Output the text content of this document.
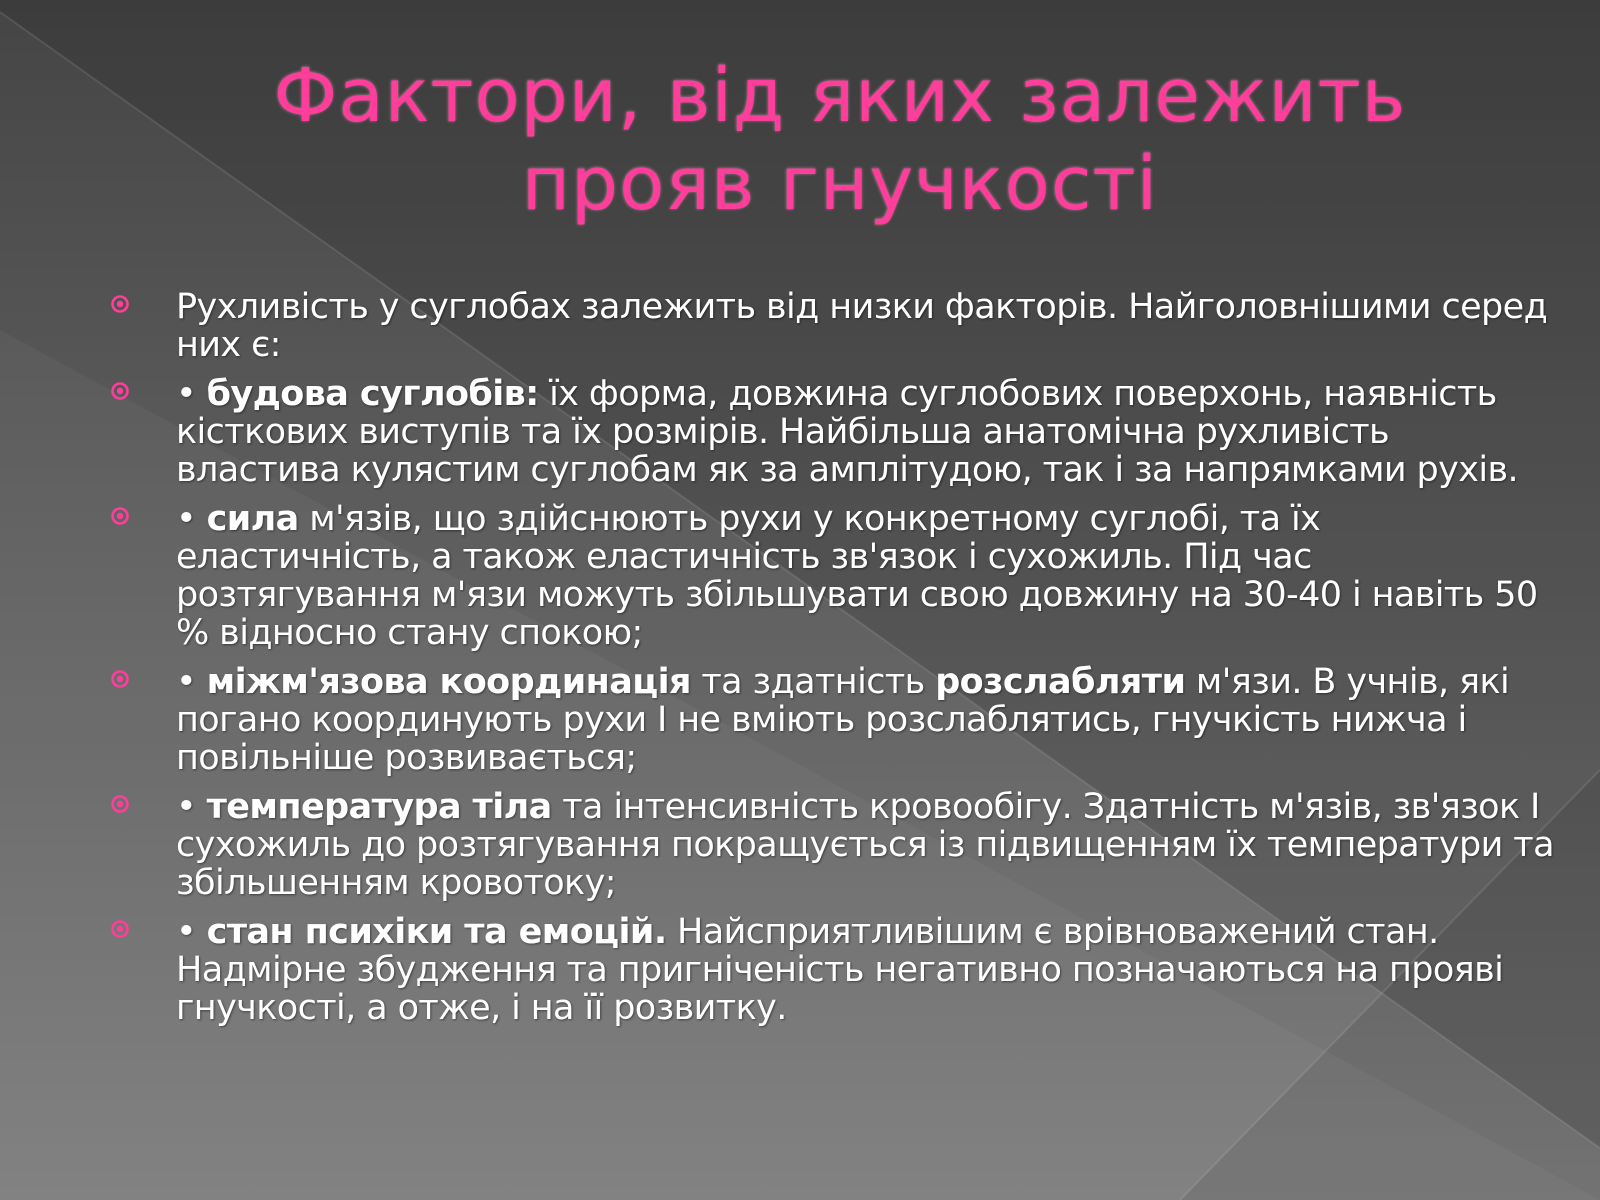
Фактори, від яких залежить
прояв гнучкості
Рухливість у суглобах залежить від низки факторів. Найголовнішими серед них є:
• будова суглобів: їх форма, довжина суглобових поверхонь, наявність кісткових виступів та їх розмірів. Найбільша анатомічна рухливість властива кулястим суглобам як за амплітудою, так і за напрямками рухів.
• сила м'язів, що здійснюють рухи у конкретному суглобі, та їх еластичність, а також еластичність зв'язок і сухожиль. Під час розтягування м'язи можуть збільшувати свою довжину на 30-40 і навіть 50 % відносно стану спокою;
• міжм'язова координація та здатність розслабляти м'язи. В учнів, які погано координують рухи І не вміють розслаблятись, гнучкість нижча і повільніше розвивається;
• температура тіла та інтенсивність кровообігу. Здатність м'язів, зв'язок І сухожиль до розтягування покращується із підвищенням їх температури та збільшенням кровотоку;
• стан психіки та емоцій. Найсприятливішим є врівноважений стан. Надмірне збудження та пригніченість негативно позначаються на прояві гнучкості, а отже, і на її розвитку.
